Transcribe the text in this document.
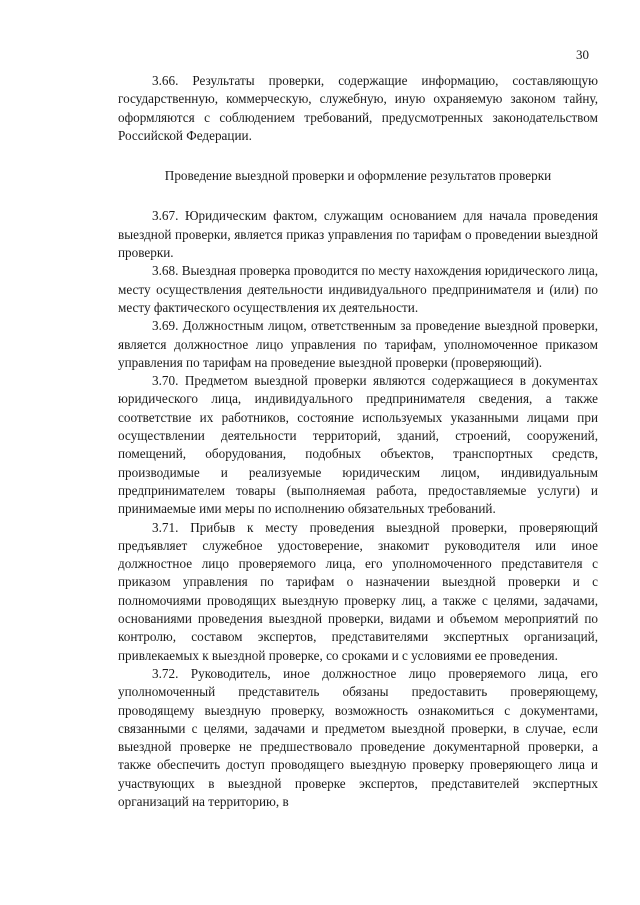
30

3.66. Результаты проверки, содержащие информацию, составляющую государственную, коммерческую, служебную, иную охраняемую законом тайну, оформляются с соблюдением требований, предусмотренных законодательством Российской Федерации.

Проведение выездной проверки и оформление результатов проверки

3.67. Юридическим фактом, служащим основанием для начала проведения выездной проверки, является приказ управления по тарифам о проведении выездной проверки.

3.68. Выездная проверка проводится по месту нахождения юридического лица, месту осуществления деятельности индивидуального предпринимателя и (или) по месту фактического осуществления их деятельности.

3.69. Должностным лицом, ответственным за проведение выездной проверки, является должностное лицо управления по тарифам, уполномоченное приказом управления по тарифам на проведение выездной проверки (проверяющий).

3.70. Предметом выездной проверки являются содержащиеся в документах юридического лица, индивидуального предпринимателя сведения, а также соответствие их работников, состояние используемых указанными лицами при осуществлении деятельности территорий, зданий, строений, сооружений, помещений, оборудования, подобных объектов, транспортных средств, производимые и реализуемые юридическим лицом, индивидуальным предпринимателем товары (выполняемая работа, предоставляемые услуги) и принимаемые ими меры по исполнению обязательных требований.

3.71. Прибыв к месту проведения выездной проверки, проверяющий предъявляет служебное удостоверение, знакомит руководителя или иное должностное лицо проверяемого лица, его уполномоченного представителя с приказом управления по тарифам о назначении выездной проверки и с полномочиями проводящих выездную проверку лиц, а также с целями, задачами, основаниями проведения выездной проверки, видами и объемом мероприятий по контролю, составом экспертов, представителями экспертных организаций, привлекаемых к выездной проверке, со сроками и с условиями ее проведения.

3.72. Руководитель, иное должностное лицо проверяемого лица, его уполномоченный представитель обязаны предоставить проверяющему, проводящему выездную проверку, возможность ознакомиться с документами, связанными с целями, задачами и предметом выездной проверки, в случае, если выездной проверке не предшествовало проведение документарной проверки, а также обеспечить доступ проводящего выездную проверку проверяющего лица и участвующих в выездной проверке экспертов, представителей экспертных организаций на территорию, в
